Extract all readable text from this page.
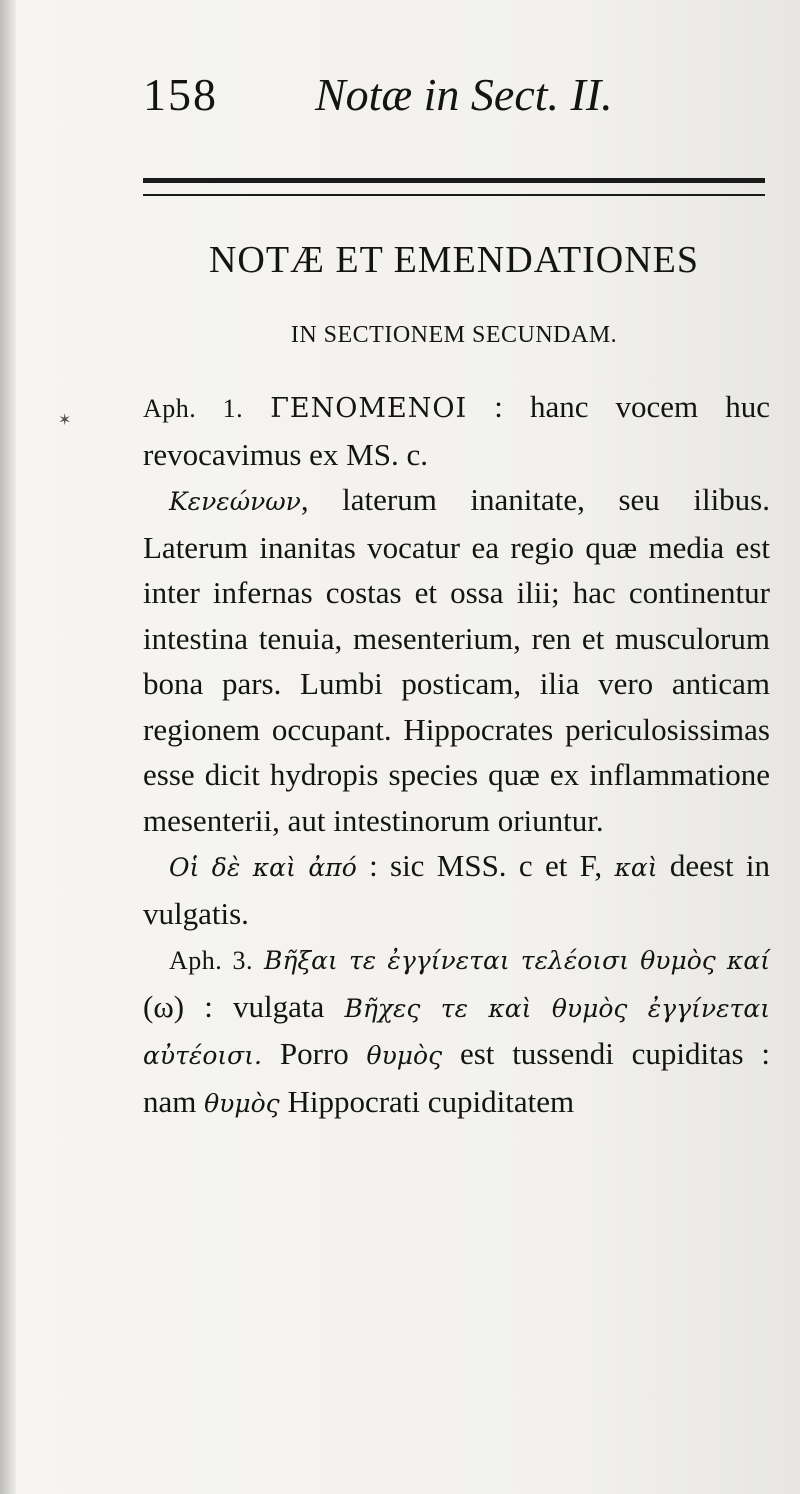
✶
158 Notæ in Sect. II.
NOTÆ ET EMENDATIONES
IN SECTIONEM SECUNDAM.

Aph. 1. ΓΕΝΟΜΕΝΟΙ : hanc vocem huc revocavimus ex MS. c.

Κενεώνων, laterum inanitate, seu ilibus. Laterum inanitas vocatur ea regio quæ media est inter infernas costas et ossa ilii; hac continentur intestina tenuia, mesenterium, ren et musculorum bona pars. Lumbi posticam, ilia vero anticam regionem occupant. Hippocrates periculosissimas esse dicit hydropis species quæ ex inflammatione mesenterii, aut intestinorum oriuntur.

Οἱ δὲ καὶ ἀπό : sic MSS. c et F, καὶ deest in vulgatis.

Aph. 3. Βῆξαι τε ἐγγίνεται τελέοισι θυμὸς καί (ω) : vulgata Βῆχες τε καὶ θυμὸς ἐγγίνεται αὐτέοισι. Porro θυμὸς est tussendi cupiditas : nam θυμὸς Hippocrati cupiditatem
